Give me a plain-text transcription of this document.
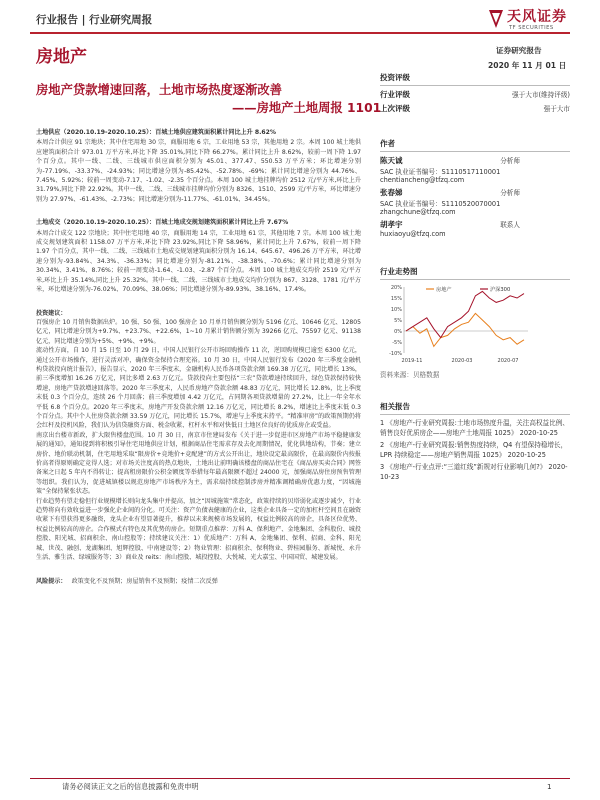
行业报告 | 行业研究周报	天风证券
TF SECURITIES
房地产	证券研究报告
2020 年 11 月 01 日
房地产贷款增速回落，土地市场热度逐渐改善
——房地产土地周报 1101
土地供应（2020.10.19-2020.10.25）：百城土地供应建筑面积累计同比上升 8.62%
本周合计供应 91 宗地块；其中住宅用地 30 宗，商服用地 6 宗，工业用地 53 宗，其他用地 2 宗。本周 100 城土地供应建筑面积合计 973.01 万平方米,环比下降 35.01%,同比下降 66.27%。累计同比上升 8.62%，较前一周下降 1.97 个百分点。其中一线、二线、三线城市供应面积分别为 45.01、377.47、550.53 万平方米；环比增速分别为-77.19%、-33.37%、-24.93%；同比增速分别为-85.42%、-52.78%、-69%；累计同比增速分别为 44.76%、7.45%、5.92%；较前一周变动-7.17、-1.02、-2.35 个百分点。本周 100 城土地挂牌均价 2512 元/平方米,环比上升 31.79%,同比下降 22.92%。其中一线、二线、三线城市挂牌均价分别为 8326、1510、2599 元/平方米，环比增速分别为 27.97%、-61.43%、-2.73%；同比增速分别为-11.77%、-61.01%、34.45%。
土地成交（2020.10.19-2020.10.25）：百城土地成交规划建筑面积累计同比上升 7.67%
本周合计成交 122 宗地块；其中住宅用地 40 宗，商服用地 14 宗，工业用地 61 宗，其他用地 7 宗。本周 100 城土地成交规划建筑面积 1158.07 万平方米,环比下降 23.92%,同比下降 58.96%，累计同比上升 7.67%，较前一周下降 1.97 个百分点，其中一线、二线、三线城市土地成交规划建筑面积分别为 16.14、645.67、496.26 万平方米，环比增速分别为-93.84%、34.3%、-36.33%；同比增速分别为-81.21%、-38.38%、-70.6%；累计同比增速分别为 30.34%、3.41%、8.76%；较前一周变动-1.64、-1.03、-2.87 个百分点。本周 100 城土地成交均价 2519 元/平方米,环比上升 35.14%,同比上升 25.32%。其中一线、二线、三线城市土地成交均价分别为 867、3128、1781 元/平方米，环比增速分别为-76.02%、70.09%、38.06%；同比增速分别为-89.93%、38.16%、17.4%。
投资建议：
百强房企 10 月销售数据出炉。10 强、50 强、100 强房企 10 月单月销售额分别为 5196 亿元、10646 亿元、12805 亿元，同比增速分别为+9.7%、+23.7%、+22.6%，1~10 月累计销售额分别为 39266 亿元、75597 亿元、91138 亿元，同比增速分别为+5%、+9%、+9%。
流动性方面，自 10 月 15 日至 10 月 29 日，中国人民银行公开市场回购操作 11 次，逆回购规模已逾至 6300 亿元，通过公开市场操作，进行灵活对冲，确保资金保持合理充裕。10 月 30 日，中国人民银行发布《2020 年三季度金融机构贷款投向统计报告》，报告显示，2020 年三季度末，金融机构人民币各项贷款余额 169.38 万亿元，同比增长 13%，前三季度增加 16.26 万亿元，同比多增 2.63 万亿元。贷款投向主要包括“三农”贷款增速持续回升，绿色贷款保持较快增速，房地产贷款增速回落等。2020 年三季度末，人民币房地产贷款余额 48.83 万亿元，同比增长 12.8%，比上季度末低 0.3 个百分点，连续 26 个月回落；前三季度增加 4.42 万亿元，占同期各项贷款增量的 27.2%，比上一年全年水平低 6.8 个百分点。2020 年三季度末，房地产开发贷款余额 12.16 万亿元，同比增长 8.2%，增速比上季度末低 0.3 个百分点。其中个人住房贷款余额 33.59 万亿元，同比增长 15.7%，增速与上季度末持平。“精准审房”的政策预期仍将会红杆及投机风险，我们认为信贷融资方面、税金收紧、杠杆水平和对快低日土地区位良好的优质房企或受益。
南京出台楼市新政，扩大限售楼盘范围。10 月 30 日，南京市住建局发布《关于进一步促进市区房地产市场平稳健康发展的通知》，通知提到将积极引导住宅用地供应计划，根据商品住宅需求存及去化周期情况，优化供地结构，节奏；建立房价、地价联动机制，住宅用地采取“限房价+竞地价+竞配建”的方式公开出让，地块设定最高限价，在最高限价内按报价高者得原则确定竞得人选；对市场关注度高的热点地块，土地出让前明确该楼盘的商品住宅在《商品房买卖合同》网签备案之日起 5 年内不得转让；提高租房限价公积金额度等举措每年最高限额不超过 24000 元，加强商品房住房预售管理等组织。我们认为，促进城镇楼以规范房地产市场秩序为主，需求端持续控制涉房并精准调精确房优惠力度，“因城施策”全保持紧张状态。
行业趋势有望走稳但行业规模增长则向龙头集中并提高，加之“因城施策”常态化，政策持续的贝塔弱化或逐步减少，行业趋势将向有效收益进一步强化企业间的分化。可关注：资产负债表健康的企业，这类企业具备一定的加杠杆空间且在融资收紧下有望获得更多融资，龙头企业有望显著提升，推荐以未来规模市场发展的，权益比例较高的房企，具备区位优势、权益比例较高的房企。合作模式有特色及其优势的房企。短期重点推荐：万科 A、保利地产、金地集团、金科股份、城投控股、阳光城、招商积余、南山控股等；持续建议关注：1）优质地产：万科 A、金地集团、保利、招商、金科、阳光城、世茂、融创、龙湖集团、旭辉控股、中南建设等；2）物业管理：招商积余、保利物业、碧桂园服务、新城悦、永升生活、雅生活、绿城服务等；3）商业及 reits：南山控股、城投控股、大悦城、光大嘉宝、中国国贸、城建发展。
风险提示： 政策变化不及预期；房屋销售不及预期；疫情二次反弹
投资评级
行业评级	强于大市(维持评级)
上次评级	强于大市
作者
陈天诚	分析师
SAC 执业证书编号：S1110517110001
chentiancheng@tfzq.com
张春娣	分析师
SAC 执业证书编号：S1110520070001
zhangchune@tfzq.com
胡孝宇	联系人
huxiaoyu@tfzq.com
行业走势图
20%
15%
10%
5%
0%
-5%
-10%
2019-11	2020-03	2020-07
房地产	沪深300
资料来源：贝格数据
相关报告
1 《房地产-行业研究周报:土地市场热度升温，关注高权益比例、销售良好优质房企——房地产土地周报 1025》 2020-10-25
2 《房地产-行业研究周报:销售热度持续，Q4 有望保持稳增长，LPR 持续稳定——房地产销售周报 1025》 2020-10-25
3 《房地产-行业点评:“三道红线”新规对行业影响几何?》 2020-10-23
请务必阅读正文之后的信息披露和免责申明	1
